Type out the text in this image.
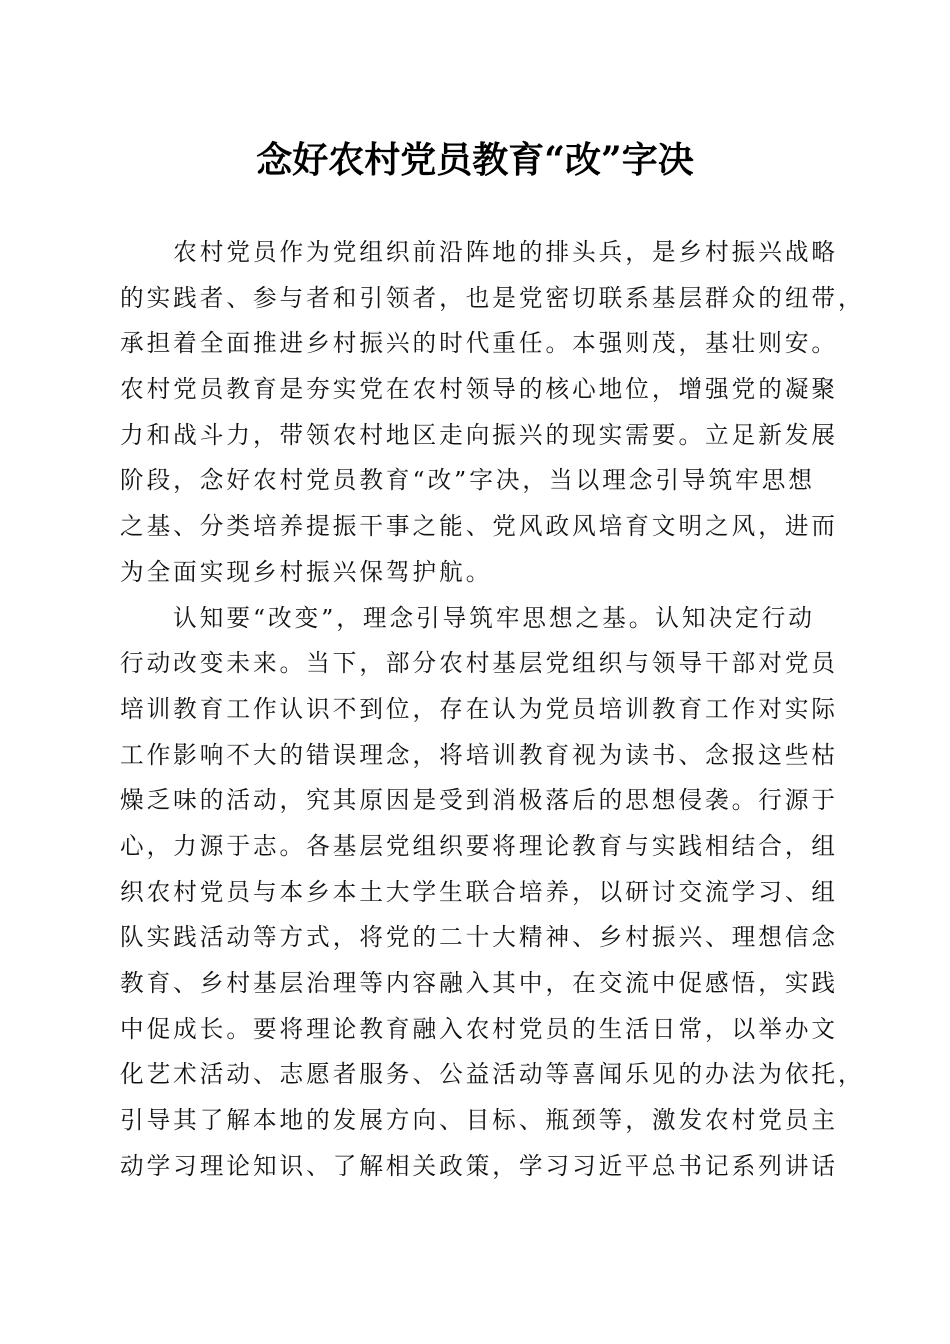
念好农村党员教育“改”字决
　　农村党员作为党组织前沿阵地的排头兵，是乡村振兴战略
的实践者、参与者和引领者，也是党密切联系基层群众的纽带，
承担着全面推进乡村振兴的时代重任。本强则茂，基壮则安。
农村党员教育是夯实党在农村领导的核心地位，增强党的凝聚
力和战斗力，带领农村地区走向振兴的现实需要。立足新发展
阶段，念好农村党员教育“改”字决，当以理念引导筑牢思想
之基、分类培养提振干事之能、党风政风培育文明之风，进而
为全面实现乡村振兴保驾护航。
　　认知要“改变”，理念引导筑牢思想之基。认知决定行动
行动改变未来。当下，部分农村基层党组织与领导干部对党员
培训教育工作认识不到位，存在认为党员培训教育工作对实际
工作影响不大的错误理念，将培训教育视为读书、念报这些枯
燥乏味的活动，究其原因是受到消极落后的思想侵袭。行源于
心，力源于志。各基层党组织要将理论教育与实践相结合，组
织农村党员与本乡本土大学生联合培养，以研讨交流学习、组
队实践活动等方式，将党的二十大精神、乡村振兴、理想信念
教育、乡村基层治理等内容融入其中，在交流中促感悟，实践
中促成长。要将理论教育融入农村党员的生活日常，以举办文
化艺术活动、志愿者服务、公益活动等喜闻乐见的办法为依托，
引导其了解本地的发展方向、目标、瓶颈等，激发农村党员主
动学习理论知识、了解相关政策，学习习近平总书记系列讲话
